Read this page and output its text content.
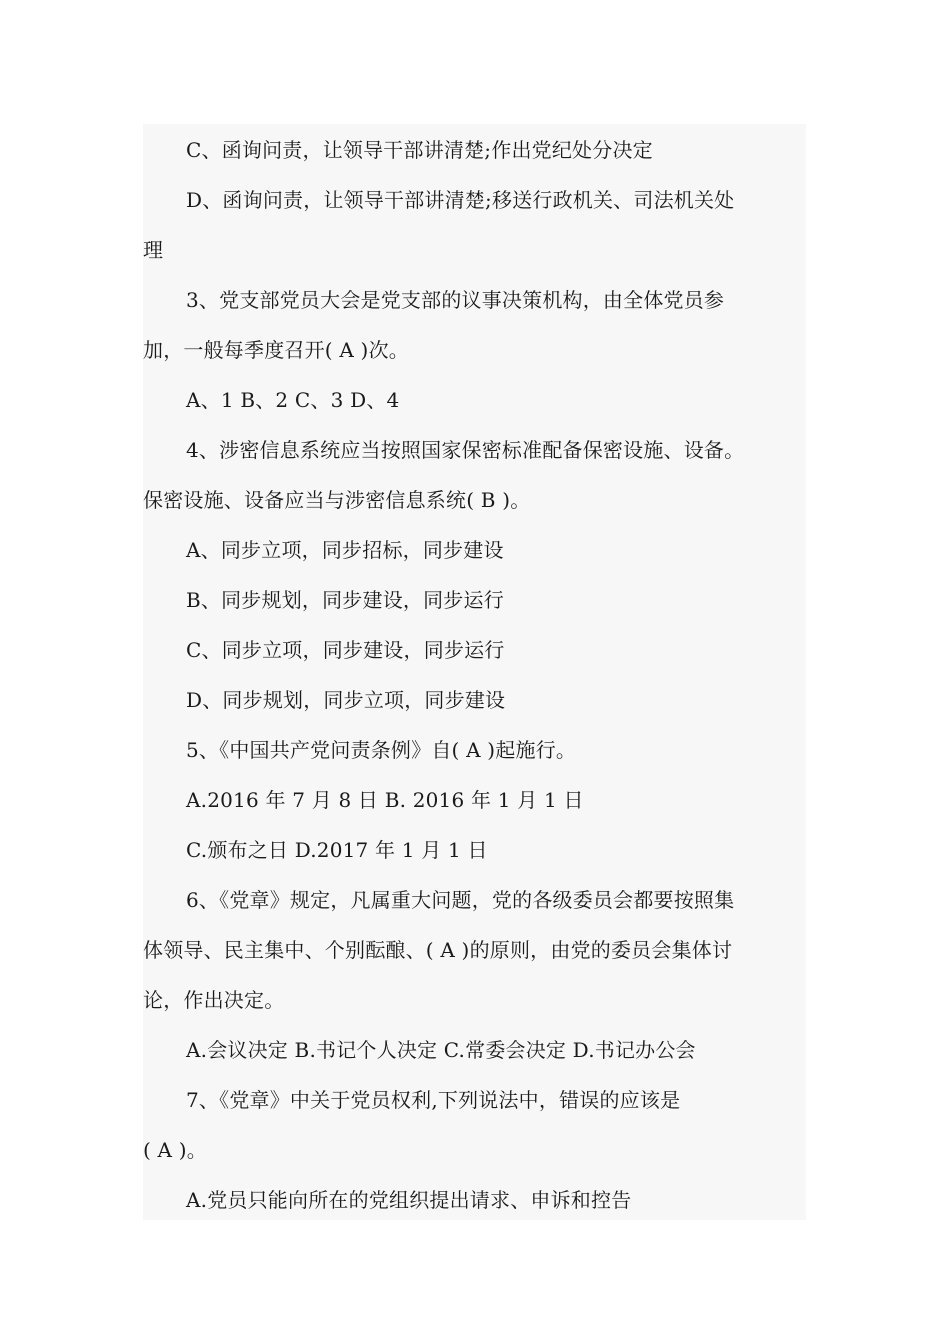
C、函询问责，让领导干部讲清楚;作出党纪处分决定
D、函询问责，让领导干部讲清楚;移送行政机关、司法机关处
理
3、党支部党员大会是党支部的议事决策机构，由全体党员参
加，一般每季度召开( A )次。
A、1 B、2 C、3 D、4
4、涉密信息系统应当按照国家保密标准配备保密设施、设备。
保密设施、设备应当与涉密信息系统( B )。
A、同步立项，同步招标，同步建设
B、同步规划，同步建设，同步运行
C、同步立项，同步建设，同步运行
D、同步规划，同步立项，同步建设
5、《中国共产党问责条例》自( A )起施行。
A.2016 年 7 月 8 日 B. 2016 年 1 月 1 日
C.颁布之日 D.2017 年 1 月 1 日
6、《党章》规定，凡属重大问题，党的各级委员会都要按照集
体领导、民主集中、个别酝酿、( A )的原则，由党的委员会集体讨
论，作出决定。
A.会议决定 B.书记个人决定 C.常委会决定 D.书记办公会
7、《党章》中关于党员权利,下列说法中，错误的应该是
( A )。
A.党员只能向所在的党组织提出请求、申诉和控告
